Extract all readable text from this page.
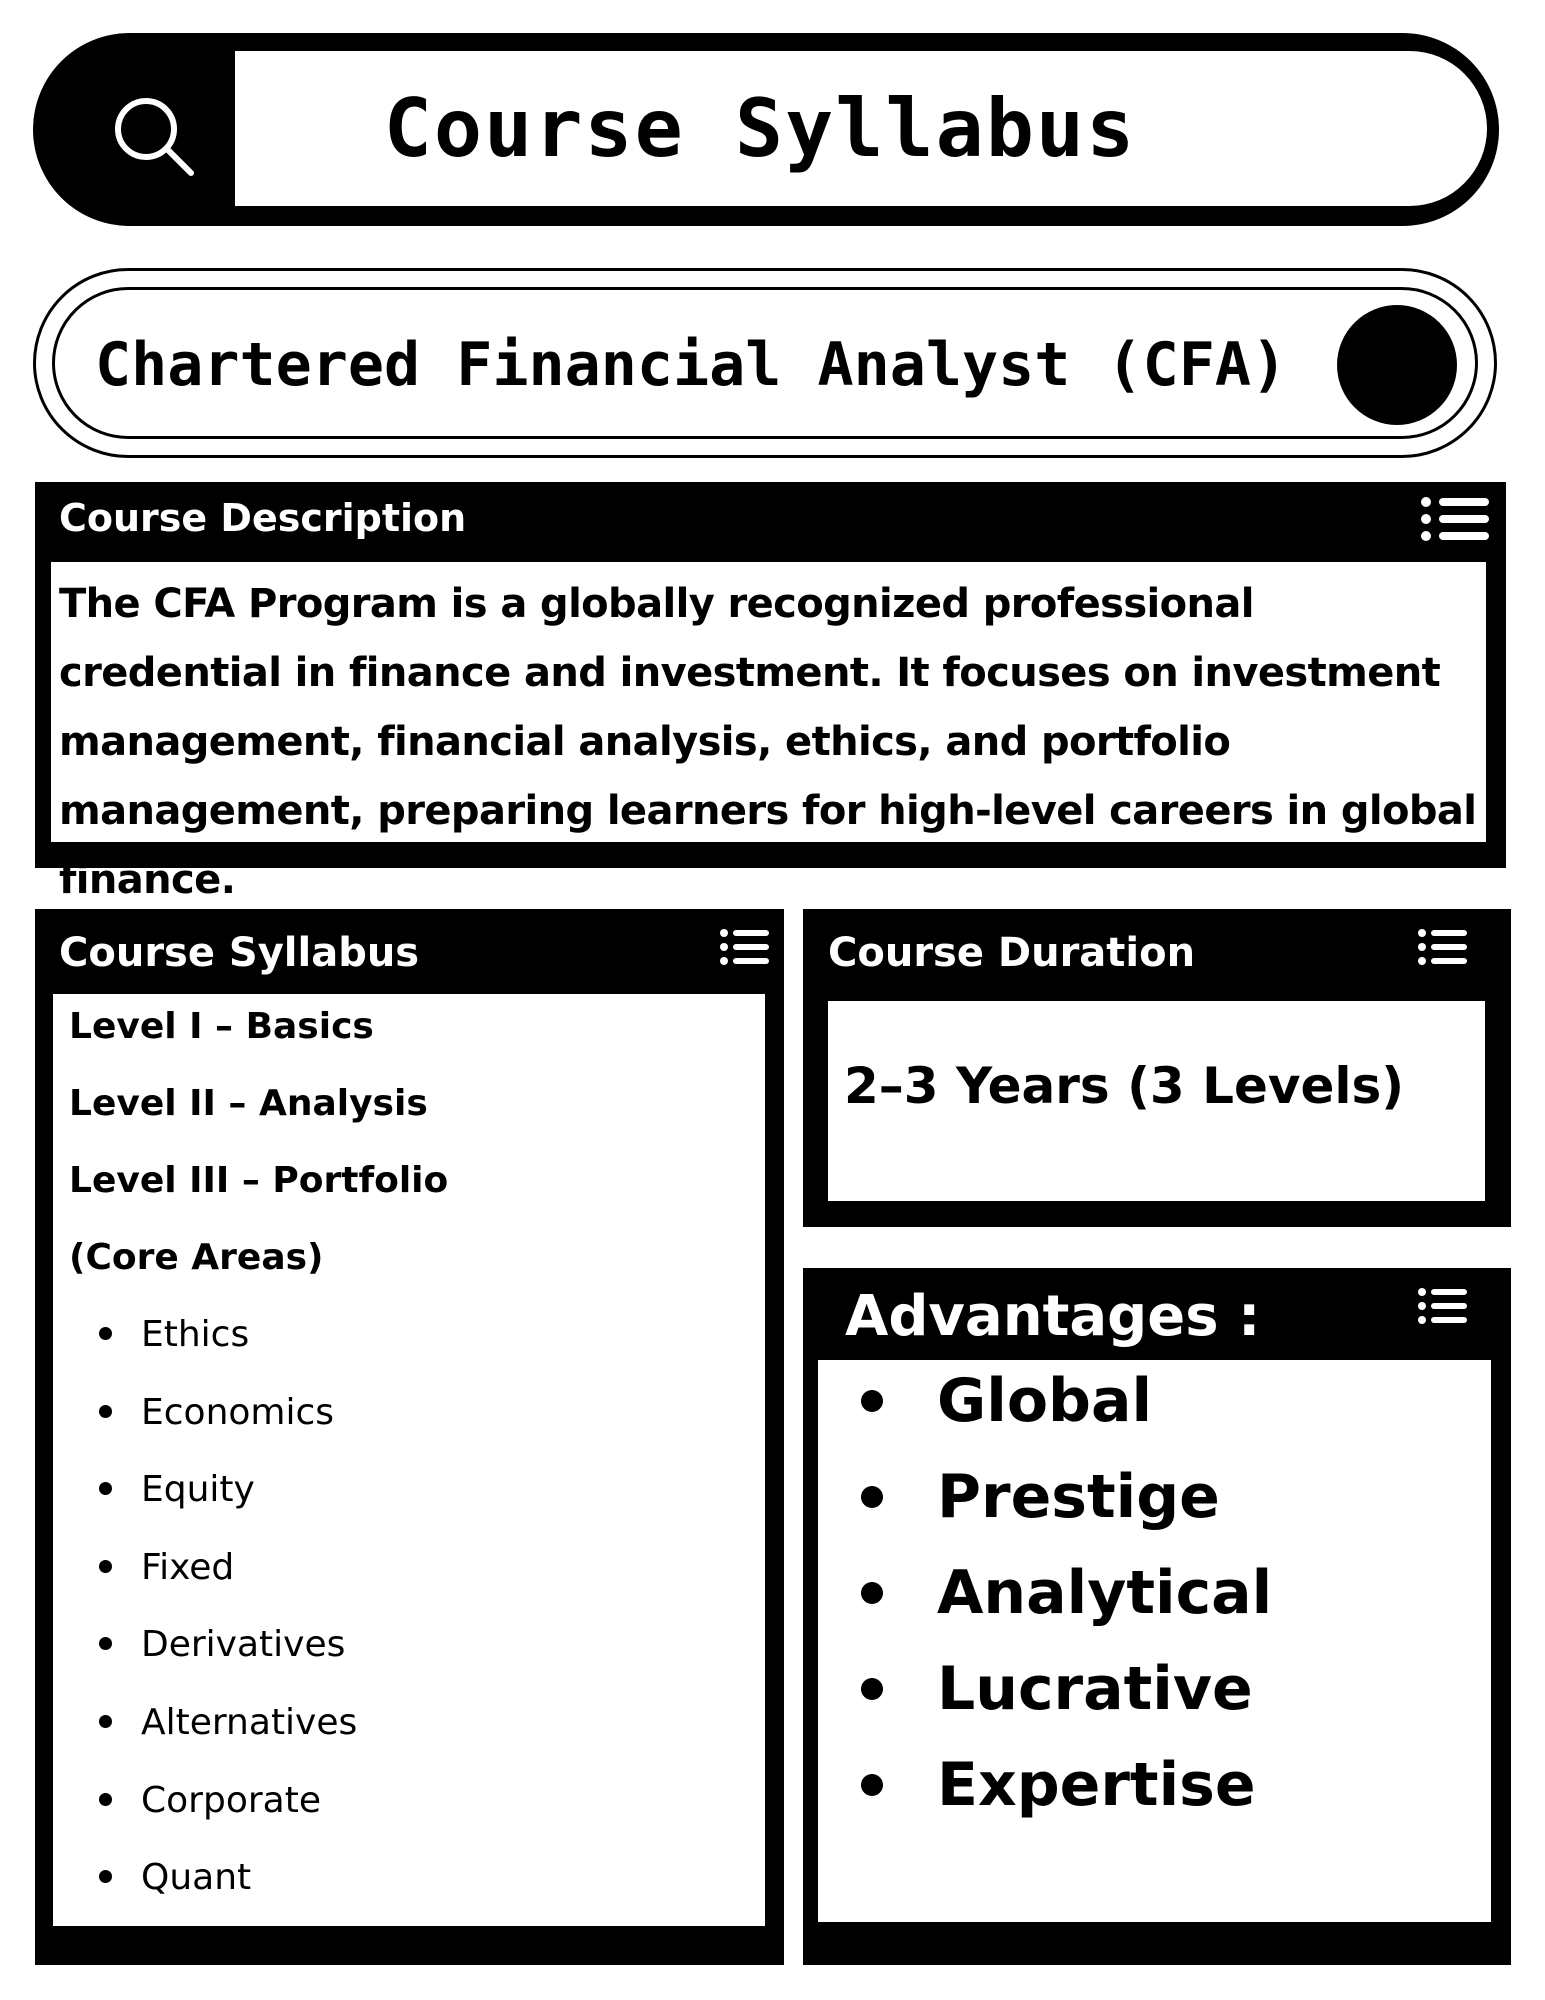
Course Syllabus
Chartered Financial Analyst (CFA)
Course Description
The CFA Program is a globally recognized professional credential in finance and investment. It focuses on investment management, financial analysis, ethics, and portfolio management, preparing learners for high-level careers in global finance.
Course Syllabus
Level I – Basics
Level II – Analysis
Level III – Portfolio
(Core Areas)
Ethics
Economics
Equity
Fixed
Derivatives
Alternatives
Corporate
Quant
Course Duration
2–3 Years (3 Levels)
Advantages :
Global
Prestige
Analytical
Lucrative
Expertise
